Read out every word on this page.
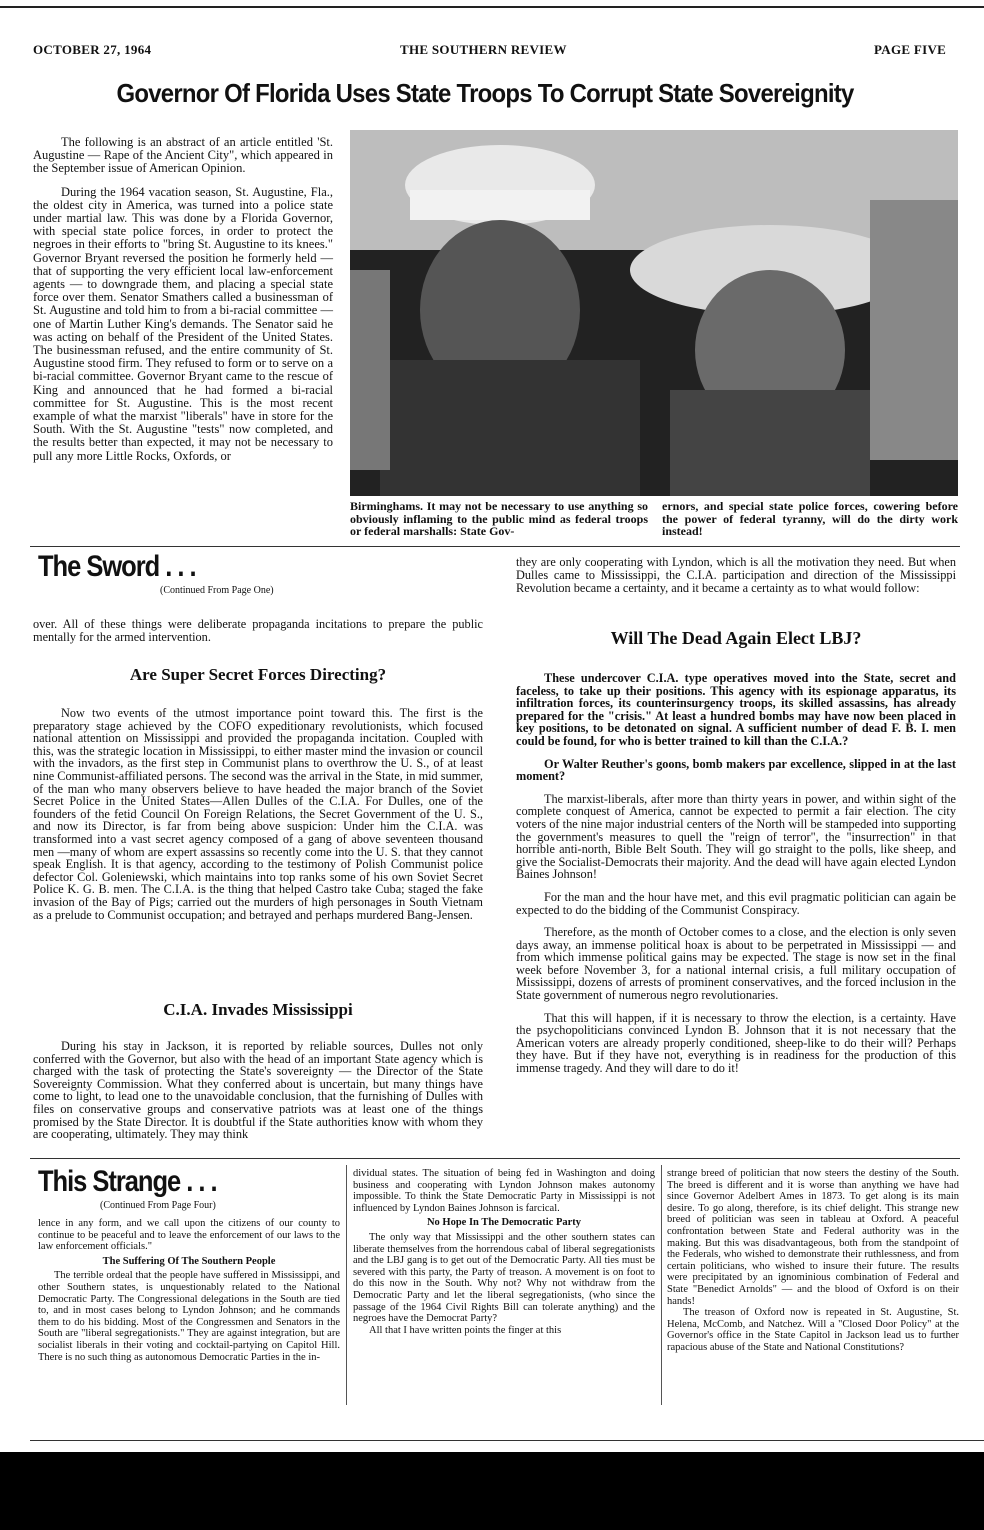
OCTOBER 27, 1964	THE SOUTHERN REVIEW	PAGE FIVE
Governor Of Florida Uses State Troops To Corrupt State Sovereignity

The following is an abstract of an article entitled 'St. Augustine — Rape of the Ancient City", which appeared in the September issue of American Opinion.

During the 1964 vacation season, St. Augustine, Fla., the oldest city in America, was turned into a police state under martial law. This was done by a Florida Governor, with special state police forces, in order to protect the negroes in their efforts to "bring St. Augustine to its knees." Governor Bryant reversed the position he formerly held — that of supporting the very efficient local law-enforcement agents — to downgrade them, and placing a special state force over them. Senator Smathers called a businessman of St. Augustine and told him to from a bi-racial committee —one of Martin Luther King's demands. The Senator said he was acting on behalf of the President of the United States. The businessman refused, and the entire community of St. Augustine stood firm. They refused to form or to serve on a bi-racial committee. Governor Bryant came to the rescue of King and announced that he had formed a bi-racial committee for St. Augustine. This is the most recent example of what the marxist "liberals" have in store for the South. With the St. Augustine "tests" now completed, and the results better than expected, it may not be necessary to pull any more Little Rocks, Oxfords, or

Birminghams. It may not be necessary to use anything so obviously inflaming to the public mind as federal troops or federal marshalls: State Gov-
ernors, and special state police forces, cowering before the power of federal tyranny, will do the dirty work instead!
The Sword . . .
(Continued From Page One)
they are only cooperating with Lyndon, which is all the motivation they need. But when Dulles came to Mississippi, the C.I.A. participation and direction of the Mississippi Revolution became a certainty, and it became a certainty as to what would follow:
over. All of these things were deliberate propaganda incitations to prepare the public mentally for the armed intervention.
Are Super Secret Forces Directing?

Now two events of the utmost importance point toward this. The first is the preparatory stage achieved by the COFO expeditionary revolutionists, which focused national attention on Mississippi and provided the propaganda incitation. Coupled with this, was the strategic location in Mississippi, to either master mind the invasion or council with the invadors, as the first step in Communist plans to overthrow the U. S., of at least nine Communist-affiliated persons. The second was the arrival in the State, in mid summer, of the man who many observers believe to have headed the major branch of the Soviet Secret Police in the United States—Allen Dulles of the C.I.A. For Dulles, one of the founders of the fetid Council On Foreign Relations, the Secret Government of the U. S., and now its Director, is far from being above suspicion: Under him the C.I.A. was transformed into a vast secret agency composed of a gang of above seventeen thousand men —many of whom are expert assassins so recently come into the U. S. that they cannot speak English. It is that agency, according to the testimony of Polish Communist police defector Col. Goleniewski, which maintains into top ranks some of his own Soviet Secret Police K. G. B. men. The C.I.A. is the thing that helped Castro take Cuba; staged the fake invasion of the Bay of Pigs; carried out the murders of high personages in South Vietnam as a prelude to Communist occupation; and betrayed and perhaps murdered Bang-Jensen.

C.I.A. Invades Mississippi

During his stay in Jackson, it is reported by reliable sources, Dulles not only conferred with the Governor, but also with the head of an important State agency which is charged with the task of protecting the State's sovereignty — the Director of the State Sovereignty Commission. What they conferred about is uncertain, but many things have come to light, to lead one to the unavoidable conclusion, that the furnishing of Dulles with files on conservative groups and conservative patriots was at least one of the things promised by the State Director. It is doubtful if the State authorities know with whom they are cooperating, ultimately. They may think

Will The Dead Again Elect LBJ?

These undercover C.I.A. type operatives moved into the State, secret and faceless, to take up their positions. This agency with its espionage apparatus, its infiltration forces, its counterinsurgency troops, its skilled assassins, has already prepared for the "crisis." At least a hundred bombs may have now been placed in key positions, to be detonated on signal. A sufficient number of dead F. B. I. men could be found, for who is better trained to kill than the C.I.A.?

Or Walter Reuther's goons, bomb makers par excellence, slipped in at the last moment?

The marxist-liberals, after more than thirty years in power, and within sight of the complete conquest of America, cannot be expected to permit a fair election. The city voters of the nine major industrial centers of the North will be stampeded into supporting the government's measures to quell the "reign of terror", the "insurrection" in that horrible anti-north, Bible Belt South. They will go straight to the polls, like sheep, and give the Socialist-Democrats their majority. And the dead will have again elected Lyndon Baines Johnson!

For the man and the hour have met, and this evil pragmatic politician can again be expected to do the bidding of the Communist Conspiracy.

Therefore, as the month of October comes to a close, and the election is only seven days away, an immense political hoax is about to be perpetrated in Mississippi — and from which immense political gains may be expected. The stage is now set in the final week before November 3, for a national internal crisis, a full military occupation of Mississippi, dozens of arrests of prominent conservatives, and the forced inclusion in the State government of numerous negro revolutionaries.

That this will happen, if it is necessary to throw the election, is a certainty. Have the psychopoliticians convinced Lyndon B. Johnson that it is not necessary that the American voters are already properly conditioned, sheep-like to do their will? Perhaps they have. But if they have not, everything is in readiness for the production of this immense tragedy. And they will dare to do it!

This Strange . . .
(Continued From Page Four)

lence in any form, and we call upon the citizens of our county to continue to be peaceful and to leave the enforcement of our laws to the law enforcement officials."

The Suffering Of The Southern People

The terrible ordeal that the people have suffered in Mississippi, and other Southern states, is unquestionably related to the National Democratic Party. The Congressional delegations in the South are tied to, and in most cases belong to Lyndon Johnson; and he commands them to do his bidding. Most of the Congressmen and Senators in the South are "liberal segregationists." They are against integration, but are socialist liberals in their voting and cocktail-partying on Capitol Hill. There is no such thing as autonomous Democratic Parties in the in-

dividual states. The situation of being fed in Washington and doing business and cooperating with Lyndon Johnson makes autonomy impossible. To think the State Democratic Party in Mississippi is not influenced by Lyndon Baines Johnson is farcical.

No Hope In The Democratic Party

The only way that Mississippi and the other southern states can liberate themselves from the horrendous cabal of liberal segregationists and the LBJ gang is to get out of the Democratic Party. All ties must be severed with this party, the Party of treason. A movement is on foot to do this now in the South. Why not? Why not withdraw from the Democratic Party and let the liberal segregationists, (who since the passage of the 1964 Civil Rights Bill can tolerate anything) and the negroes have the Democrat Party?

All that I have written points the finger at this

strange breed of politician that now steers the destiny of the South. The breed is different and it is worse than anything we have had since Governor Adelbert Ames in 1873. To get along is its main desire. To go along, therefore, is its chief delight. This strange new breed of politician was seen in tableau at Oxford. A peaceful confrontation between State and Federal authority was in the making. But this was disadvantageous, both from the standpoint of the Federals, who wished to demonstrate their ruthlessness, and from certain politicians, who wished to insure their future. The results were precipitated by an ignominious combination of Federal and State "Benedict Arnolds" — and the blood of Oxford is on their hands!

The treason of Oxford now is repeated in St. Augustine, St. Helena, McComb, and Natchez. Will a "Closed Door Policy" at the Governor's office in the State Capitol in Jackson lead us to further rapacious abuse of the State and National Constitutions?
